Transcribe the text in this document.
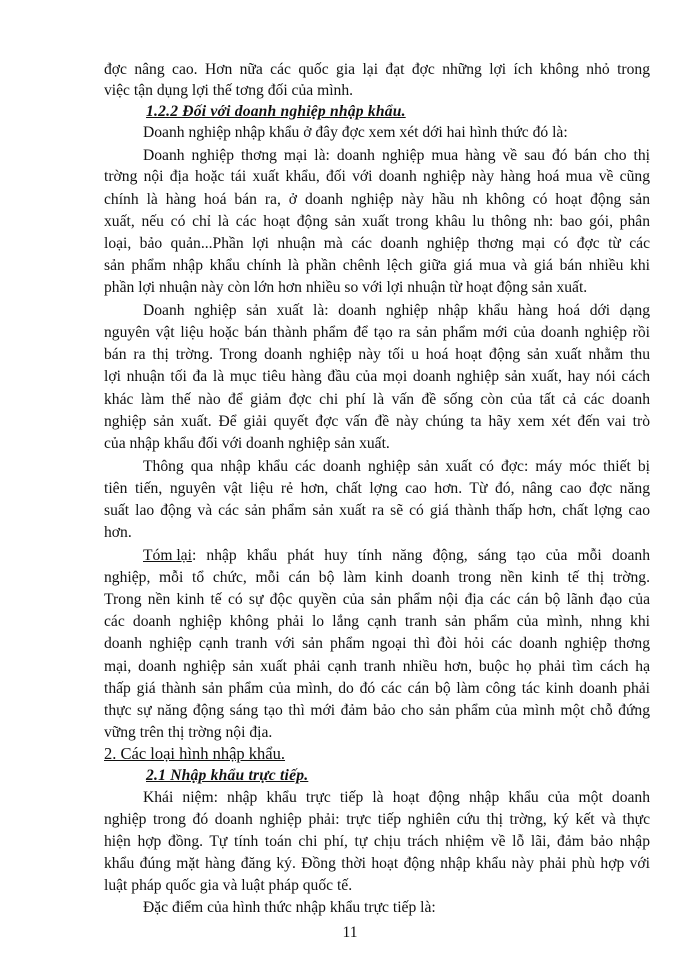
đợc nâng cao. Hơn nữa các quốc gia lại đạt đợc những lợi ích không nhỏ trong
việc tận dụng lợi thế tơng đối của mình.
1.2.2 Đối với doanh nghiệp nhập khẩu.
Doanh nghiệp nhập khẩu ở đây đợc xem xét dới hai hình thức đó là:
Doanh nghiệp thơng mại là: doanh nghiệp mua hàng về sau đó bán cho thị
trờng nội địa hoặc tái xuất khẩu, đối với doanh nghiệp này hàng hoá mua về cũng
chính là hàng hoá bán ra, ở doanh nghiệp này hầu nh không có hoạt động sản
xuất, nếu có chỉ là các hoạt động sản xuất trong khâu lu thông nh: bao gói, phân
loại, bảo quản...Phần lợi nhuận mà các doanh nghiệp thơng mại có đợc từ các
sản phẩm nhập khẩu chính là phần chênh lệch giữa giá mua và giá bán nhiều khi
phần lợi nhuận này còn lớn hơn nhiều so với lợi nhuận từ hoạt động sản xuất.
Doanh nghiệp sản xuất là: doanh nghiệp nhập khẩu hàng hoá dới dạng
nguyên vật liệu hoặc bán thành phẩm để tạo ra sản phẩm mới của doanh nghiệp rồi
bán ra thị trờng. Trong doanh nghiệp này tối u hoá hoạt động sản xuất nhằm thu
lợi nhuận tối đa là mục tiêu hàng đầu của mọi doanh nghiệp sản xuất, hay nói cách
khác làm thế nào để giảm đợc chi phí là vấn đề sống còn của tất cả các doanh
nghiệp sản xuất. Để giải quyết đợc vấn đề này chúng ta hãy xem xét đến vai trò
của nhập khẩu đối với doanh nghiệp sản xuất.
Thông qua nhập khẩu các doanh nghiệp sản xuất có đợc: máy móc thiết bị
tiên tiến, nguyên vật liệu rẻ hơn, chất lợng cao hơn. Từ đó, nâng cao đợc năng
suất lao động và các sản phẩm sản xuất ra sẽ có giá thành thấp hơn, chất lợng cao
hơn.
Tóm lại : nhập khẩu phát huy tính năng động, sáng tạo của mỗi doanh
nghiệp, mỗi tổ chức, mỗi cán bộ làm kinh doanh trong nền kinh tế thị trờng.
Trong nền kinh tế có sự độc quyền của sản phẩm nội địa các cán bộ lãnh đạo của
các doanh nghiệp không phải lo lắng cạnh tranh sản phẩm của mình, nhng khi
doanh nghiệp cạnh tranh với sản phẩm ngoại thì đòi hỏi các doanh nghiệp thơng
mại, doanh nghiệp sản xuất phải cạnh tranh nhiều hơn, buộc họ phải tìm cách hạ
thấp giá thành sản phẩm của mình, do đó các cán bộ làm công tác kinh doanh phải
thực sự năng động sáng tạo thì mới đảm bảo cho sản phẩm của mình một chỗ đứng
vững trên thị trờng nội địa.
2. Các loại hình nhập khẩu.
2.1 Nhập khẩu trực tiếp.
Khái niệm: nhập khẩu trực tiếp là hoạt động nhập khẩu của một doanh
nghiệp trong đó doanh nghiệp phải: trực tiếp nghiên cứu thị trờng, ký kết và thực
hiện hợp đồng. Tự tính toán chi phí, tự chịu trách nhiệm về lỗ lãi, đảm bảo nhập
khẩu đúng mặt hàng đăng ký. Đồng thời hoạt động nhập khẩu này phải phù hợp với
luật pháp quốc gia và luật pháp quốc tế.
Đặc điểm của hình thức nhập khẩu trực tiếp là:
11
